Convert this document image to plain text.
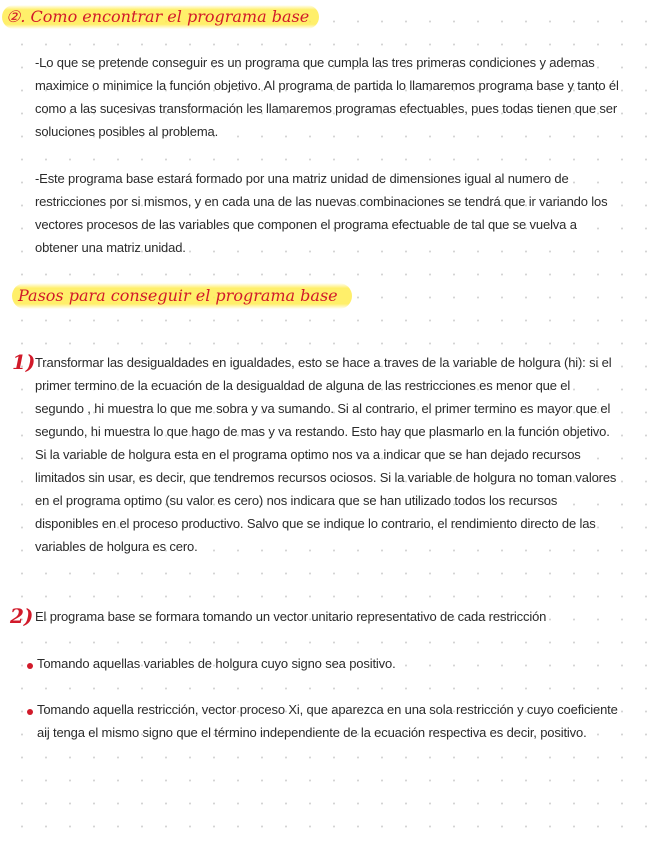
②. Como encontrar el programa base

-Lo que se pretende conseguir es un programa que cumpla las tres primeras condiciones y ademas maximice o minimice la función objetivo. Al programa de partida lo llamaremos programa base y tanto él como a las sucesivas transformación les llamaremos programas efectuables, pues todas tienen que ser soluciones posibles al problema.

-Este programa base estará formado por una matriz unidad de dimensiones igual al numero de restricciones por si mismos, y en cada una de las nuevas combinaciones se tendrá que ir variando los vectores procesos de las variables que componen el programa efectuable de tal que se vuelva a obtener una matriz unidad.

Pasos para conseguir el programa base
1) Transformar las desigualdades en igualdades, esto se hace a traves de la variable de holgura (hi): si el primer termino de la ecuación de la desigualdad de alguna de las restricciones es menor que el segundo , hi muestra lo que me sobra y va sumando. Si al contrario, el primer termino es mayor que el segundo, hi muestra lo que hago de mas y va restando. Esto hay que plasmarlo en la función objetivo. Si la variable de holgura esta en el programa optimo nos va a indicar que se han dejado recursos limitados sin usar, es decir, que tendremos recursos ociosos. Si la variable de holgura no toman valores en el programa optimo (su valor es cero) nos indicara que se han utilizado todos los recursos disponibles en el proceso productivo. Salvo que se indique lo contrario, el rendimiento directo de las variables de holgura es cero.

2) El programa base se formara tomando un vector unitario representativo de cada restricción

Tomando aquellas variables de holgura cuyo signo sea positivo.

Tomando aquella restricción, vector proceso Xi, que aparezca en una sola restricción y cuyo coeficiente aij tenga el mismo signo que el término independiente de la ecuación respectiva es decir, positivo.
